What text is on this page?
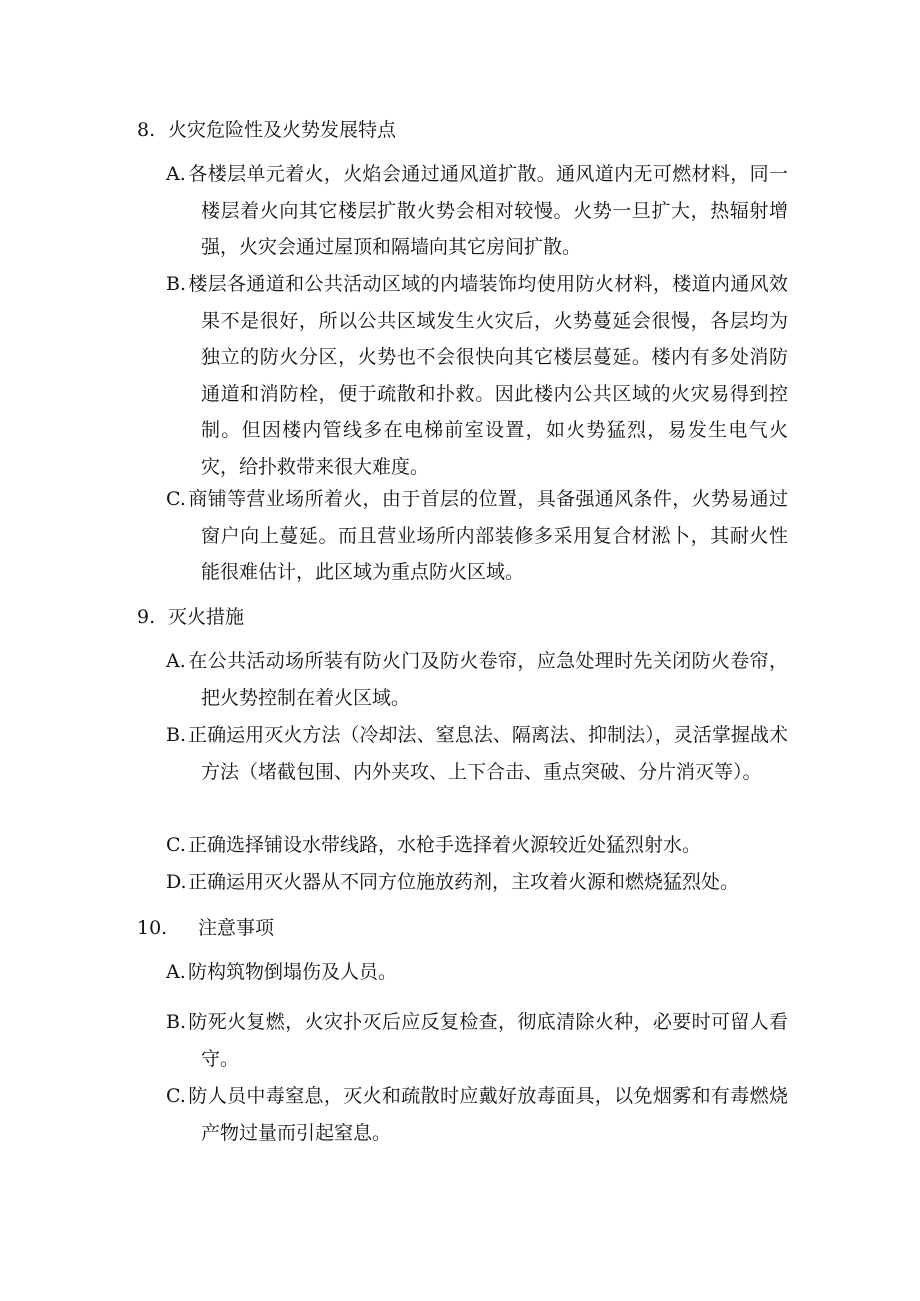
8. 火灾危险性及火势发展特点
A. 各楼层单元着火，火焰会通过通风道扩散。通风道内无可燃材料，同一楼层着火向其它楼层扩散火势会相对较慢。火势一旦扩大，热辐射增强，火灾会通过屋顶和隔墙向其它房间扩散。
B. 楼层各通道和公共活动区域的内墙装饰均使用防火材料，楼道内通风效果不是很好，所以公共区域发生火灾后，火势蔓延会很慢，各层均为独立的防火分区，火势也不会很快向其它楼层蔓延。楼内有多处消防通道和消防栓，便于疏散和扑救。因此楼内公共区域的火灾易得到控制。但因楼内管线多在电梯前室设置，如火势猛烈，易发生电气火灾，给扑救带来很大难度。
C. 商铺等营业场所着火，由于首层的位置，具备强通风条件，火势易通过窗户向上蔓延。而且营业场所内部装修多采用复合材淞卜，其耐火性能很难估计，此区域为重点防火区域。
9. 灭火措施
A. 在公共活动场所装有防火门及防火卷帘，应急处理时先关闭防火卷帘，把火势控制在着火区域。
B. 正确运用灭火方法（冷却法、窒息法、隔离法、抑制法），灵活掌握战术方法（堵截包围、内外夹攻、上下合击、重点突破、分片消灭等）。
C. 正确选择铺设水带线路，水枪手选择着火源较近处猛烈射水。
D.正确运用灭火器从不同方位施放药剂，主攻着火源和燃烧猛烈处。
10. 注意事项
A. 防构筑物倒塌伤及人员。
B. 防死火复燃，火灾扑灭后应反复检查，彻底清除火种，必要时可留人看守。
C. 防人员中毒窒息，灭火和疏散时应戴好放毒面具，以免烟雾和有毒燃烧产物过量而引起窒息。
